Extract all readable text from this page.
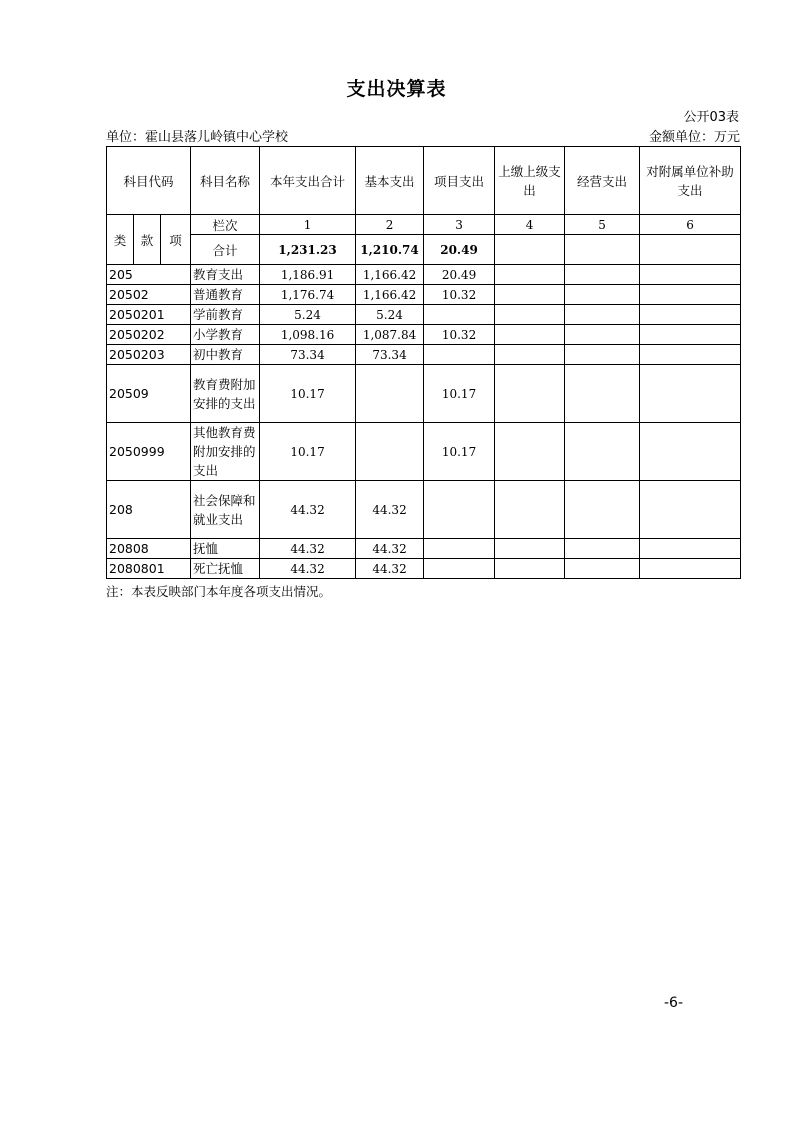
支出决算表
公开03表
单位：霍山县落儿岭镇中心学校	金额单位：万元
科目代码			科目名称	本年支出合计	基本支出	项目支出	上缴上级支出	经营支出	对附属单位补助支出
类	款	项	栏次	1	2	3	4	5	6
			合计	1,231.23	1,210.74	20.49			
205			教育支出	1,186.91	1,166.42	20.49			
20502			普通教育	1,176.74	1,166.42	10.32			
2050201			学前教育	5.24	5.24				
2050202			小学教育	1,098.16	1,087.84	10.32			
2050203			初中教育	73.34	73.34				
20509			教育费附加安排的支出	10.17		10.17			
2050999			其他教育费附加安排的支出	10.17		10.17			
208			社会保障和就业支出	44.32	44.32				
20808			抚恤	44.32	44.32				
2080801			死亡抚恤	44.32	44.32				
注：本表反映部门本年度各项支出情况。
-6-
